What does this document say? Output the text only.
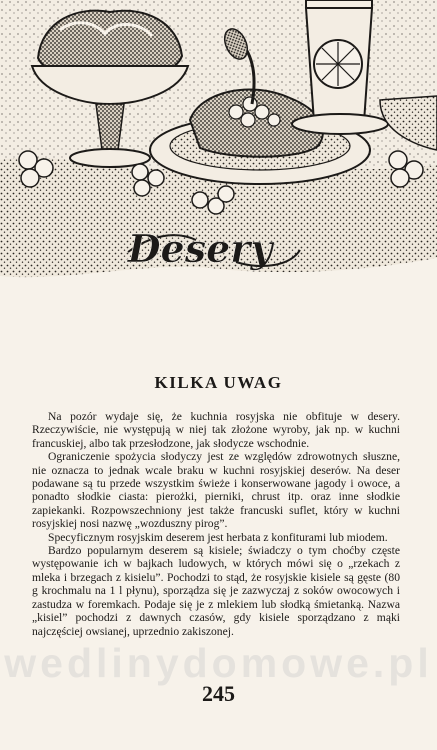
Desery
KILKA UWAG

Na pozór wydaje się, że kuchnia rosyjska nie obfituje w desery. Rzeczywiście, nie występują w niej tak złożone wyroby, jak np. w kuchni francuskiej, albo tak przesłodzone, jak słodycze wschodnie.

Ograniczenie spożycia słodyczy jest ze względów zdrowotnych słuszne, nie oznacza to jednak wcale braku w kuchni rosyjskiej deserów. Na deser podawane są tu przede wszystkim świeże i konserwowane jagody i owoce, a ponadto słodkie ciasta: pierożki, pierniki, chrust itp. oraz inne słodkie zapiekanki. Rozpowszechniony jest także francuski suflet, który w kuchni rosyjskiej nosi nazwę „wozduszny pirog”.

Specyficznym rosyjskim deserem jest herbata z konfiturami lub miodem.

Bardzo popularnym deserem są kisiele; świadczy o tym choćby częste występowanie ich w bajkach ludowych, w których mówi się o „rzekach z mleka i brzegach z kisielu”. Pochodzi to stąd, że rosyjskie kisiele są gęste (80 g krochmalu na 1 l płynu), sporządza się je zazwyczaj z soków owocowych i zastudza w foremkach. Podaje się je z mlekiem lub słodką śmietanką. Nazwa „kisiel” pochodzi z dawnych czasów, gdy kisiele sporządzano z mąki najczęściej owsianej, uprzednio zakiszonej.

wedlinydomowe.pl
245
